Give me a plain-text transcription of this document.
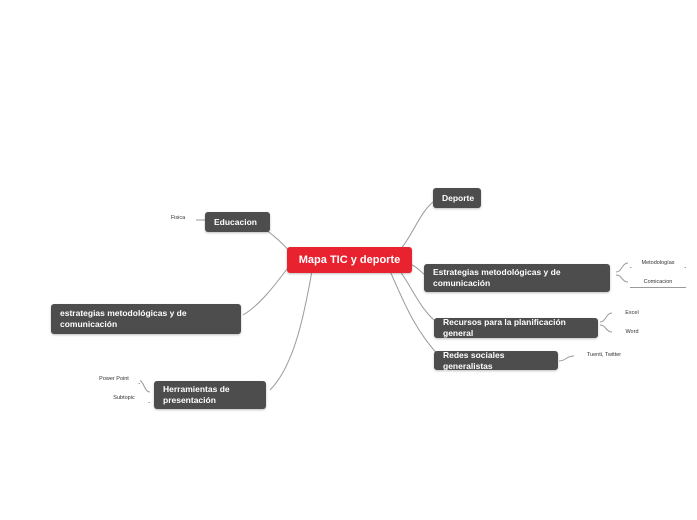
Mapa TIC y deporte
Deporte
Estrategias metodológicas y de comunicación
Metodologías
Comicacion
Recursos para la planificación general
Excel
Word
Redes sociales generalistas
Tuenti, Twitter
Educacion
Fisica
estrategias metodológicas y de comunicación
Herramientas de presentación
Power Point
Subtopic
